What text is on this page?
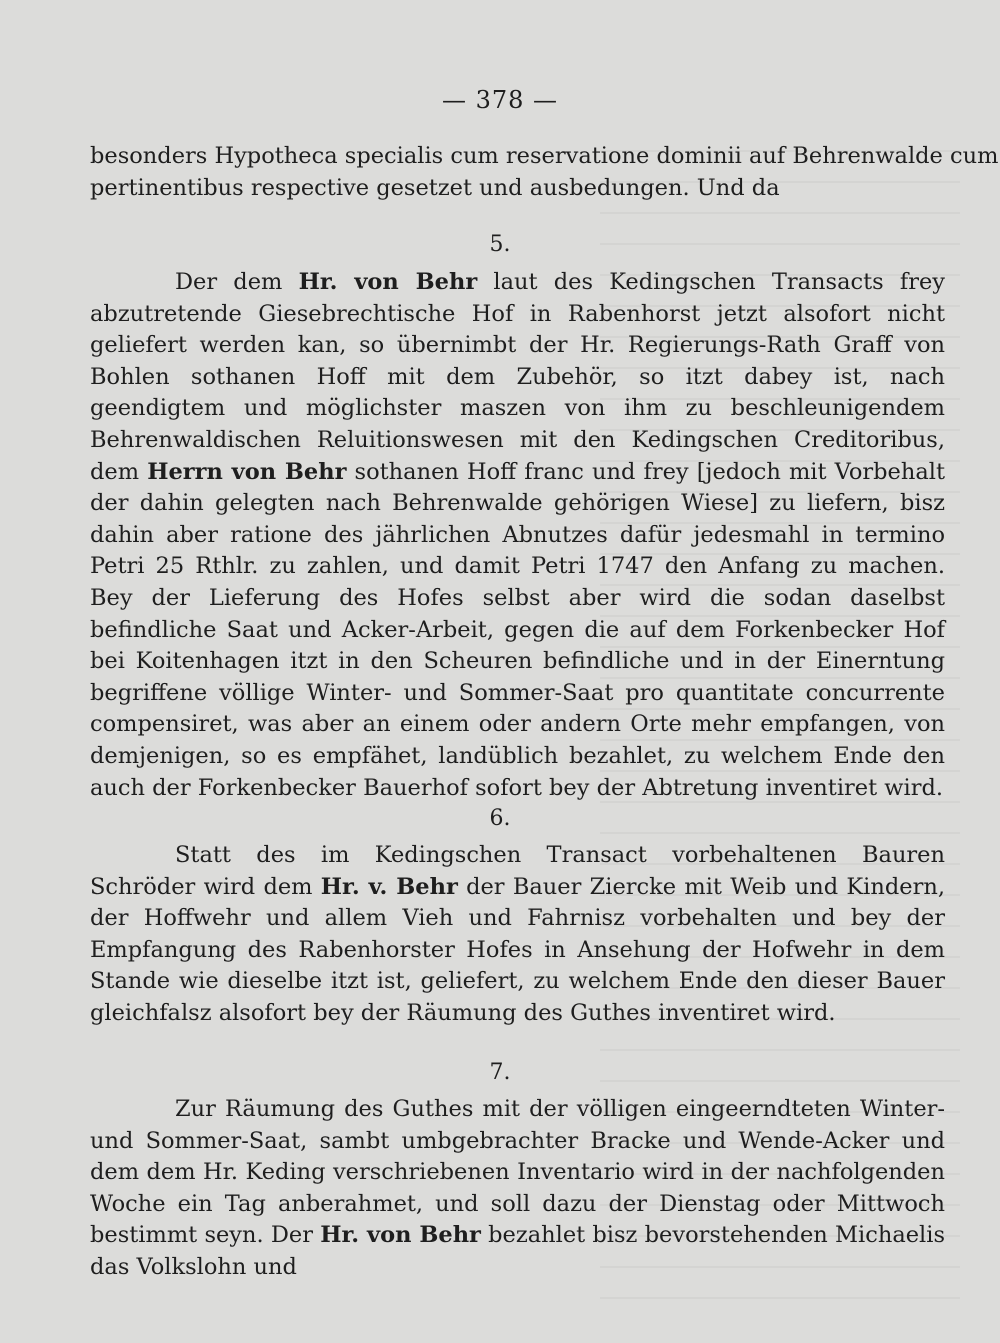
— 378 —
besonders Hypotheca specialis cum reservatione dominii auf Behrenwalde cum
pertinentibus respective gesetzet und ausbedungen. Und da
5.

Der dem Hr. von Behr laut des Kedingschen Transacts frey abzutretende Giesebrechtische Hof in Rabenhorst jetzt alsofort nicht geliefert werden kan, so übernimbt der Hr. Regierungs-Rath Graff von Bohlen sothanen Hoff mit dem Zubehör, so itzt dabey ist, nach geendigtem und möglichster maszen von ihm zu beschleunigendem Behrenwaldischen Reluitionswesen mit den Kedingschen Creditoribus, dem Herrn von Behr sothanen Hoff franc und frey [jedoch mit Vorbehalt der dahin gelegten nach Behrenwalde gehörigen Wiese] zu liefern, bisz dahin aber ratione des jährlichen Abnutzes dafür jedesmahl in termino Petri 25 Rthlr. zu zahlen, und damit Petri 1747 den Anfang zu machen. Bey der Lieferung des Hofes selbst aber wird die sodan daselbst befindliche Saat und Acker-Arbeit, gegen die auf dem Forkenbecker Hof bei Koitenhagen itzt in den Scheuren befindliche und in der Einerntung begriffene völlige Winter- und Sommer-Saat pro quantitate concurrente compensiret, was aber an einem oder andern Orte mehr empfangen, von demjenigen, so es empfähet, landüblich bezahlet, zu welchem Ende den auch der Forkenbecker Bauerhof sofort bey der Abtretung inventiret wird.

6.

Statt des im Kedingschen Transact vorbehaltenen Bauren Schröder wird dem Hr. v. Behr der Bauer Ziercke mit Weib und Kindern, der Hoffwehr und allem Vieh und Fahrnisz vorbehalten und bey der Empfangung des Rabenhorster Hofes in Ansehung der Hofwehr in dem Stande wie dieselbe itzt ist, geliefert, zu welchem Ende den dieser Bauer gleichfalsz alsofort bey der Räumung des Guthes inventiret wird.

7.

Zur Räumung des Guthes mit der völligen eingeerndteten Winter- und Sommer-Saat, sambt umbgebrachter Bracke und Wende-Acker und dem dem Hr. Keding verschriebenen Inventario wird in der nachfolgenden Woche ein Tag anberahmet, und soll dazu der Dienstag oder Mittwoch bestimmt seyn. Der Hr. von Behr bezahlet bisz bevorstehenden Michaelis das Volkslohn und
